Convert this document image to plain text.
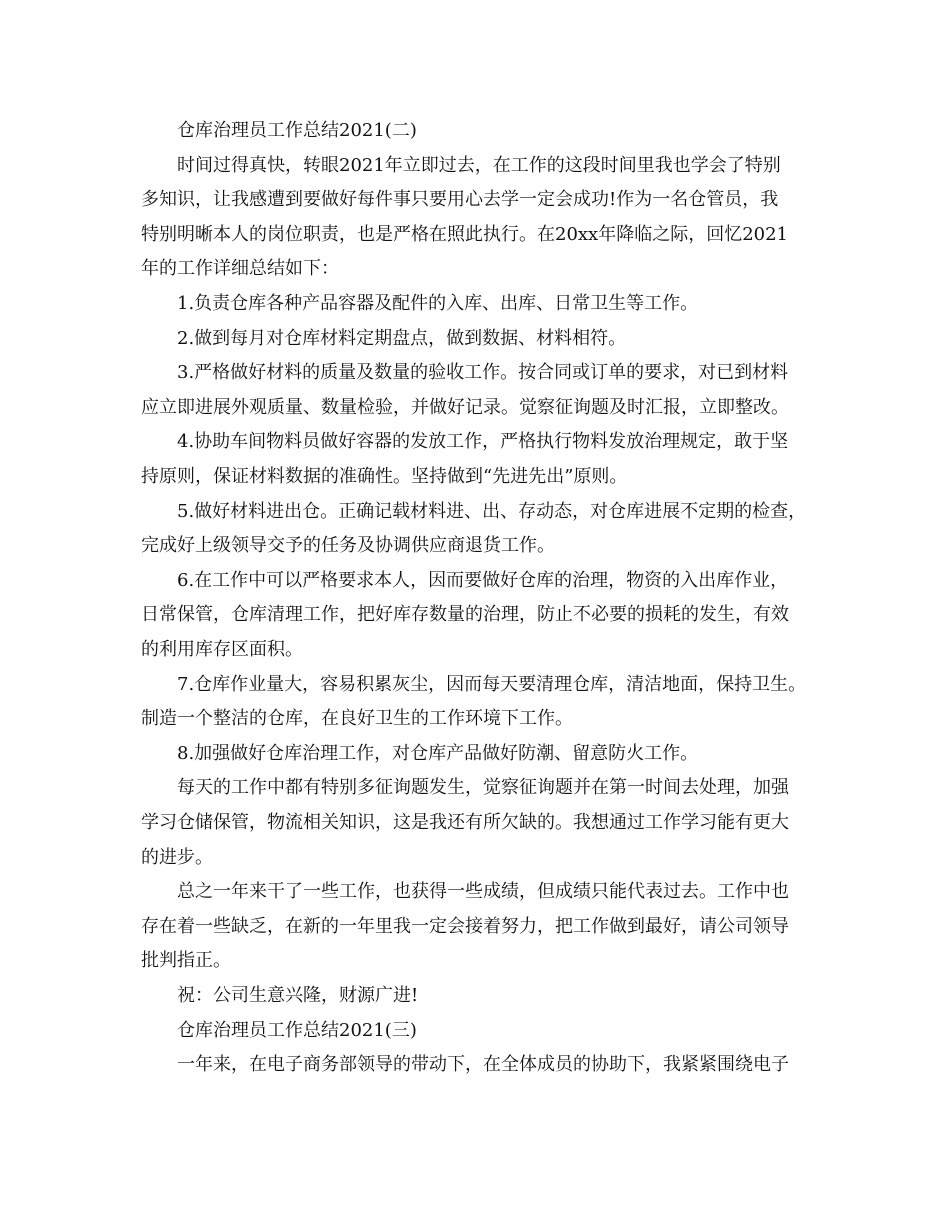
仓库治理员工作总结2021(二)
时间过得真快，转眼2021年立即过去，在工作的这段时间里我也学会了特别
多知识，让我感遭到要做好每件事只要用心去学一定会成功!作为一名仓管员，我
特别明晰本人的岗位职责，也是严格在照此执行。在20xx年降临之际，回忆2021
年的工作详细总结如下：
1.负责仓库各种产品容器及配件的入库、出库、日常卫生等工作。
2.做到每月对仓库材料定期盘点，做到数据、材料相符。
3.严格做好材料的质量及数量的验收工作。按合同或订单的要求，对已到材料
应立即进展外观质量、数量检验，并做好记录。觉察征询题及时汇报，立即整改。
4.协助车间物料员做好容器的发放工作，严格执行物料发放治理规定，敢于坚
持原则，保证材料数据的准确性。坚持做到“先进先出”原则。
5.做好材料进出仓。正确记载材料进、出、存动态，对仓库进展不定期的检查，
完成好上级领导交予的任务及协调供应商退货工作。
6.在工作中可以严格要求本人，因而要做好仓库的治理，物资的入出库作业，
日常保管，仓库清理工作，把好库存数量的治理，防止不必要的损耗的发生，有效
的利用库存区面积。
7.仓库作业量大，容易积累灰尘，因而每天要清理仓库，清洁地面，保持卫生。
制造一个整洁的仓库，在良好卫生的工作环境下工作。
8.加强做好仓库治理工作，对仓库产品做好防潮、留意防火工作。
每天的工作中都有特别多征询题发生，觉察征询题并在第一时间去处理，加强
学习仓储保管，物流相关知识，这是我还有所欠缺的。我想通过工作学习能有更大
的进步。
总之一年来干了一些工作，也获得一些成绩，但成绩只能代表过去。工作中也
存在着一些缺乏，在新的一年里我一定会接着努力，把工作做到最好，请公司领导
批判指正。
祝：公司生意兴隆，财源广进!
仓库治理员工作总结2021(三)
一年来，在电子商务部领导的带动下，在全体成员的协助下，我紧紧围绕电子
